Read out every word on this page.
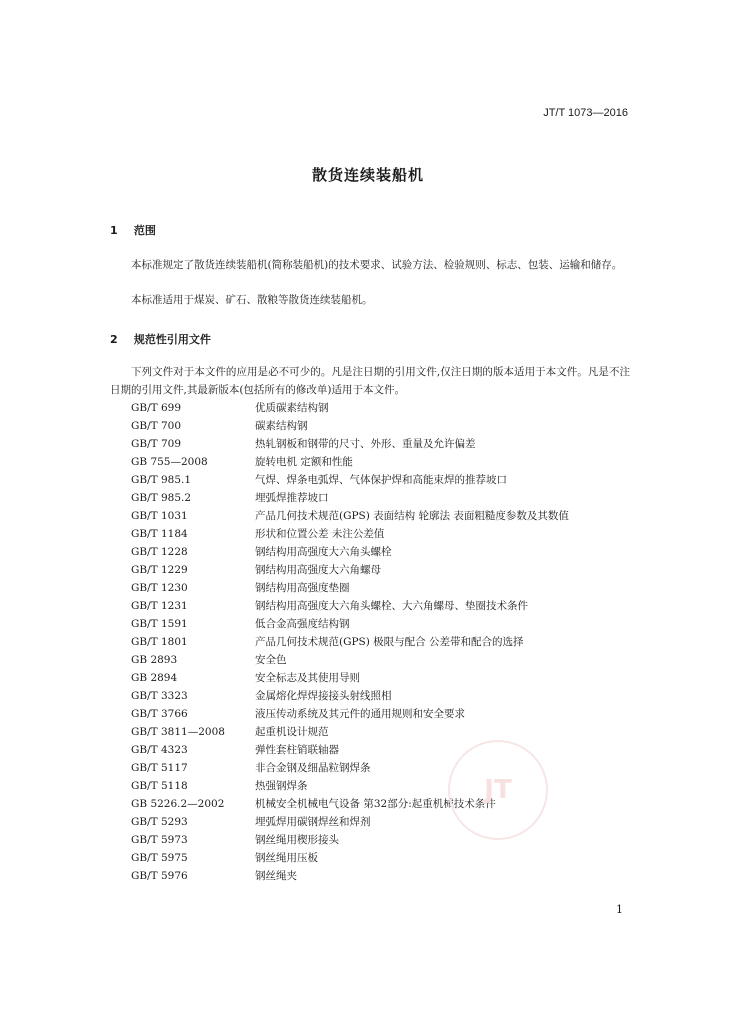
JT/T 1073—2016
散货连续装船机
1 范围
本标准规定了散货连续装船机(简称装船机)的技术要求、试验方法、检验规则、标志、包装、运输和储存。
本标准适用于煤炭、矿石、散粮等散货连续装船机。
2 规范性引用文件
下列文件对于本文件的应用是必不可少的。凡是注日期的引用文件,仅注日期的版本适用于本文件。凡是不注日期的引用文件,其最新版本(包括所有的修改单)适用于本文件。
GB/T 699	优质碳素结构钢
GB/T 700	碳素结构钢
GB/T 709	热轧钢板和钢带的尺寸、外形、重量及允许偏差
GB 755—2008	旋转电机 定额和性能
GB/T 985.1	气焊、焊条电弧焊、气体保护焊和高能束焊的推荐坡口
GB/T 985.2	埋弧焊推荐坡口
GB/T 1031	产品几何技术规范(GPS) 表面结构 轮廓法 表面粗糙度参数及其数值
GB/T 1184	形状和位置公差 未注公差值
GB/T 1228	钢结构用高强度大六角头螺栓
GB/T 1229	钢结构用高强度大六角螺母
GB/T 1230	钢结构用高强度垫圈
GB/T 1231	钢结构用高强度大六角头螺栓、大六角螺母、垫圈技术条件
GB/T 1591	低合金高强度结构钢
GB/T 1801	产品几何技术规范(GPS) 极限与配合 公差带和配合的选择
GB 2893	安全色
GB 2894	安全标志及其使用导则
GB/T 3323	金属熔化焊焊接接头射线照相
GB/T 3766	液压传动系统及其元件的通用规则和安全要求
GB/T 3811—2008	起重机设计规范
GB/T 4323	弹性套柱销联轴器
GB/T 5117	非合金钢及细晶粒钢焊条
GB/T 5118	热强钢焊条
GB 5226.2—2002	机械安全机械电气设备 第32部分:起重机械技术条件
GB/T 5293	埋弧焊用碳钢焊丝和焊剂
GB/T 5973	钢丝绳用楔形接头
GB/T 5975	钢丝绳用压板
GB/T 5976	钢丝绳夹
JT
1
